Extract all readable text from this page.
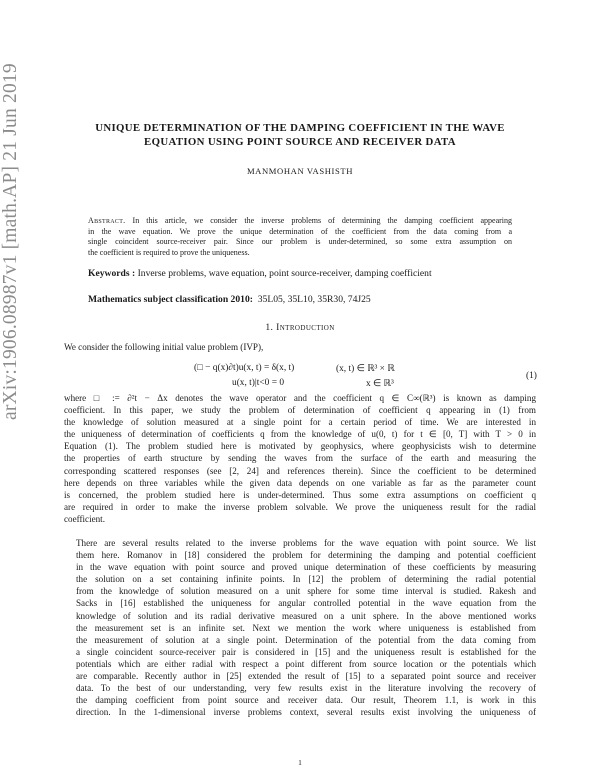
arXiv:1906.08987v1 [math.AP] 21 Jun 2019	UNIQUE DETERMINATION OF THE DAMPING COEFFICIENT IN THE WAVE
EQUATION USING POINT SOURCE AND RECEIVER DATA
MANMOHAN VASHISTH
Abstract. In this article, we consider the inverse problems of determining the damping coefficient appearing
in the wave equation. We prove the unique determination of the coefficient from the data coming from a
single coincident source-receiver pair. Since our problem is under-determined, so some extra assumption on
the coefficient is required to prove the uniqueness.
Keywords : Inverse problems, wave equation, point source-receiver, damping coefficient
Mathematics subject classification 2010: 35L05, 35L10, 35R30, 74J25
1. Introduction
We consider the following initial value problem (IVP),
(□ − q(x)∂t)u(x, t) = δ(x, t)	(x, t) ∈ ℝ³ × ℝ
u(x, t)|t<0 = 0	x ∈ ℝ³
(1)
where □ := ∂²t − Δx denotes the wave operator and the coefficient q ∈ C∞(ℝ³) is known as damping
coefficient. In this paper, we study the problem of determination of coefficient q appearing in (1) from
the knowledge of solution measured at a single point for a certain period of time. We are interested in
the uniqueness of determination of coefficients q from the knowledge of u(0, t) for t ∈ [0, T] with T > 0 in
Equation (1). The problem studied here is motivated by geophysics, where geophysicists wish to determine
the properties of earth structure by sending the waves from the surface of the earth and measuring the
corresponding scattered responses (see [2, 24] and references therein). Since the coefficient to be determined
here depends on three variables while the given data depends on one variable as far as the parameter count
is concerned, the problem studied here is under-determined. Thus some extra assumptions on coefficient q
are required in order to make the inverse problem solvable. We prove the uniqueness result for the radial
coefficient.
There are several results related to the inverse problems for the wave equation with point source. We list
them here. Romanov in [18] considered the problem for determining the damping and potential coefficient
in the wave equation with point source and proved unique determination of these coefficients by measuring
the solution on a set containing infinite points. In [12] the problem of determining the radial potential
from the knowledge of solution measured on a unit sphere for some time interval is studied. Rakesh and
Sacks in [16] established the uniqueness for angular controlled potential in the wave equation from the
knowledge of solution and its radial derivative measured on a unit sphere. In the above mentioned works
the measurement set is an infinite set. Next we mention the work where uniqueness is established from
the measurement of solution at a single point. Determination of the potential from the data coming from
a single coincident source-receiver pair is considered in [15] and the uniqueness result is established for the
potentials which are either radial with respect a point different from source location or the potentials which
are comparable. Recently author in [25] extended the result of [15] to a separated point source and receiver
data. To the best of our understanding, very few results exist in the literature involving the recovery of
the damping coefficient from point source and receiver data. Our result, Theorem 1.1, is work in this
direction. In the 1-dimensional inverse problems context, several results exist involving the uniqueness of
1
